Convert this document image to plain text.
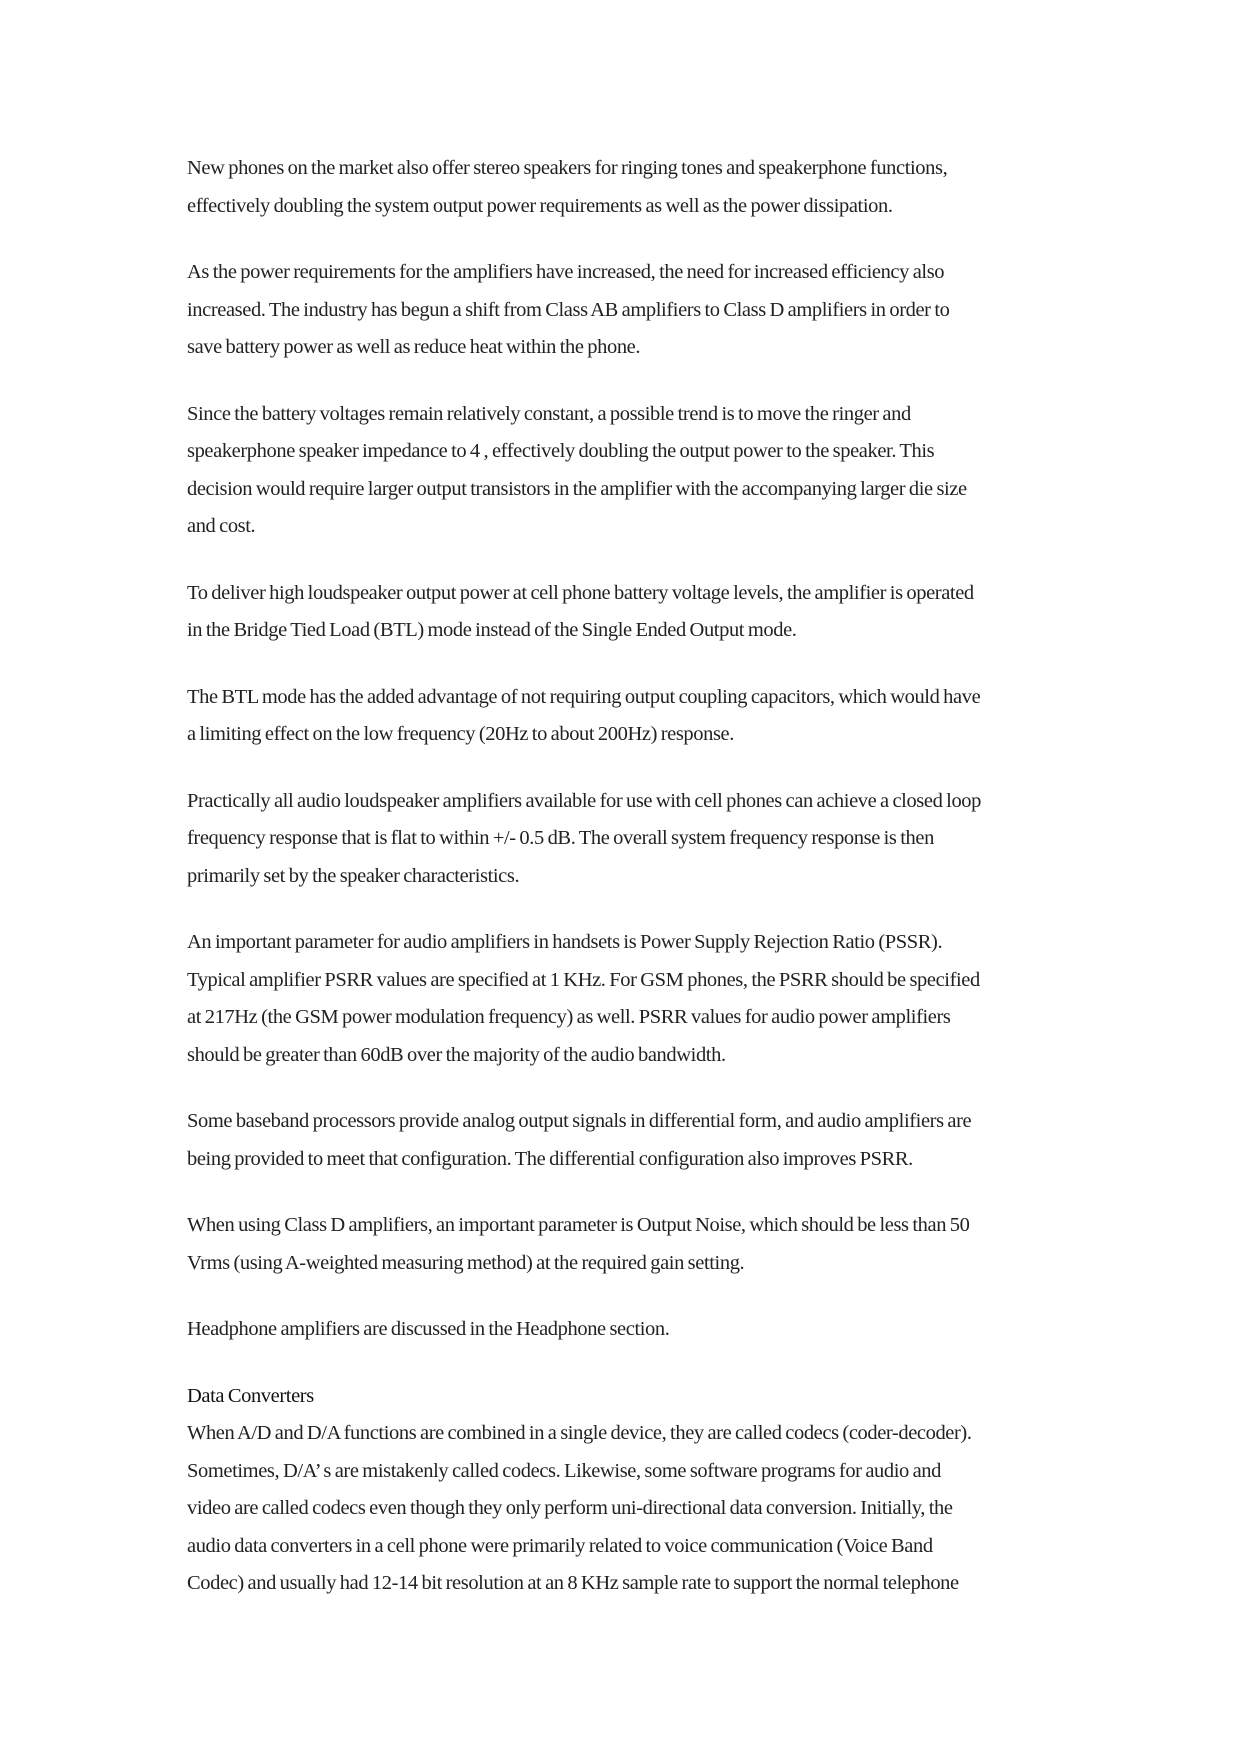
New phones on the market also offer stereo speakers for ringing tones and speakerphone functions,
effectively doubling the system output power requirements as well as the power dissipation.

As the power requirements for the amplifiers have increased, the need for increased efficiency also
increased. The industry has begun a shift from Class AB amplifiers to Class D amplifiers in order to
save battery power as well as reduce heat within the phone.

Since the battery voltages remain relatively constant, a possible trend is to move the ringer and
speakerphone speaker impedance to 4 , effectively doubling the output power to the speaker. This
decision would require larger output transistors in the amplifier with the accompanying larger die size
and cost.

To deliver high loudspeaker output power at cell phone battery voltage levels, the amplifier is operated
in the Bridge Tied Load (BTL) mode instead of the Single Ended Output mode.

The BTL mode has the added advantage of not requiring output coupling capacitors, which would have
a limiting effect on the low frequency (20Hz to about 200Hz) response.

Practically all audio loudspeaker amplifiers available for use with cell phones can achieve a closed loop
frequency response that is flat to within +/- 0.5 dB. The overall system frequency response is then
primarily set by the speaker characteristics.

An important parameter for audio amplifiers in handsets is Power Supply Rejection Ratio (PSSR).
Typical amplifier PSRR values are specified at 1 KHz. For GSM phones, the PSRR should be specified
at 217Hz (the GSM power modulation frequency) as well. PSRR values for audio power amplifiers
should be greater than 60dB over the majority of the audio bandwidth.

Some baseband processors provide analog output signals in differential form, and audio amplifiers are
being provided to meet that configuration. The differential configuration also improves PSRR.

When using Class D amplifiers, an important parameter is Output Noise, which should be less than 50
Vrms (using A-weighted measuring method) at the required gain setting.

Headphone amplifiers are discussed in the Headphone section.

Data Converters

When A/D and D/A functions are combined in a single device, they are called codecs (coder-decoder).
Sometimes, D/A’ s are mistakenly called codecs. Likewise, some software programs for audio and
video are called codecs even though they only perform uni-directional data conversion. Initially, the
audio data converters in a cell phone were primarily related to voice communication (Voice Band
Codec) and usually had 12-14 bit resolution at an 8 KHz sample rate to support the normal telephone
